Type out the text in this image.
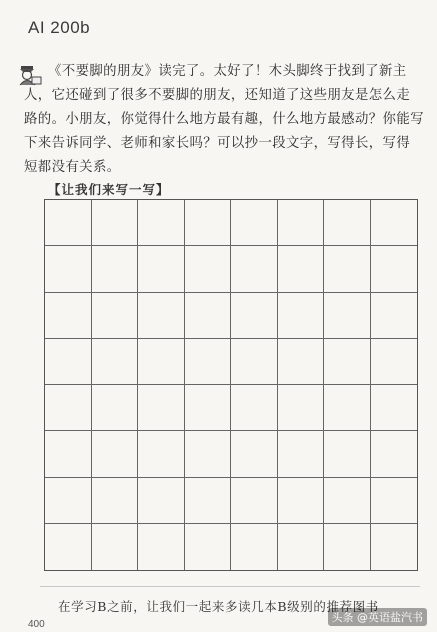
AI 200b
《不要脚的朋友》读完了。太好了！木头脚终于找到了新主
人，它还碰到了很多不要脚的朋友，还知道了这些朋友是怎么走
路的。小朋友，你觉得什么地方最有趣，什么地方最感动？你能写
下来告诉同学、老师和家长吗？可以抄一段文字，写得长，写得
短都没有关系。
【让我们来写一写】
在学习B之前，让我们一起来多读几本B级别的推荐图书
400
头条 @英语盐汽书
